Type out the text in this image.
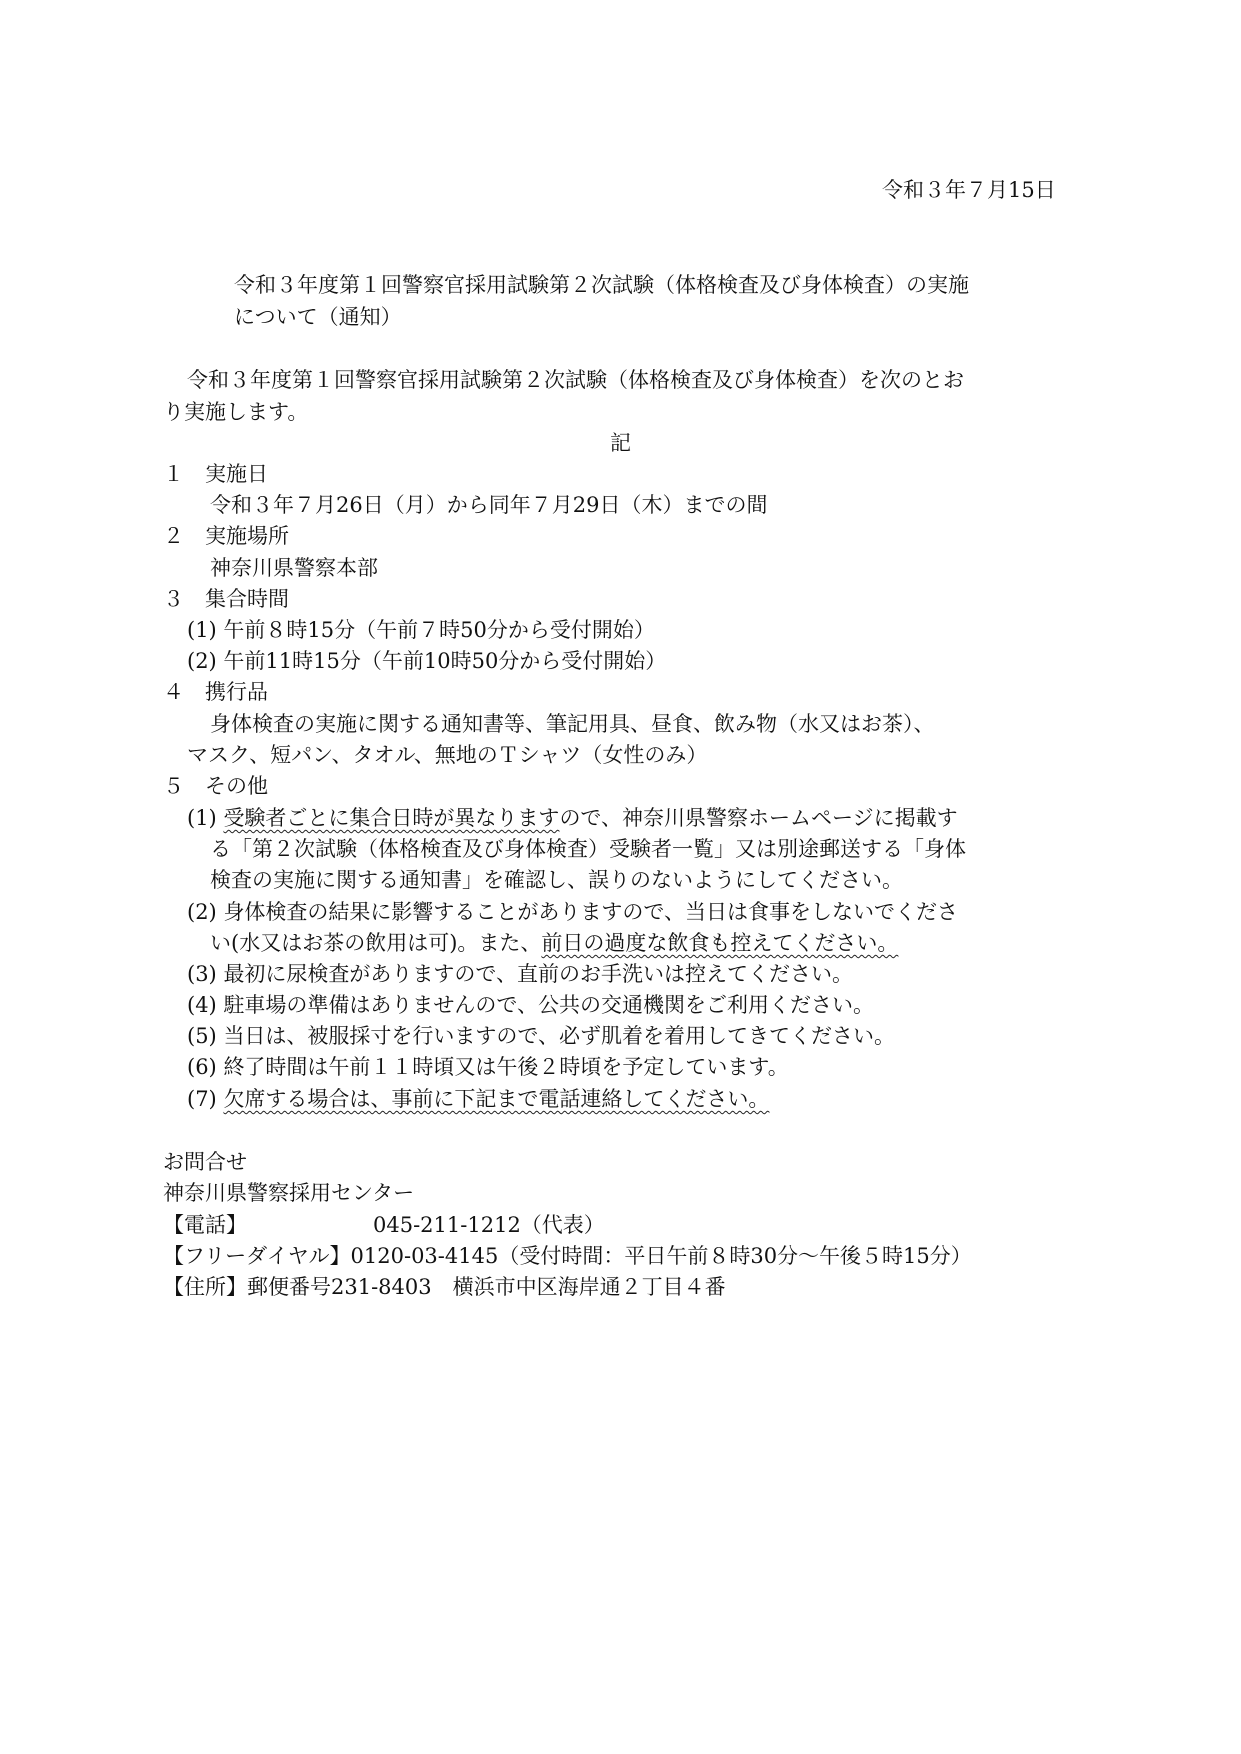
令和３年７月15日
令和３年度第１回警察官採用試験第２次試験（体格検査及び身体検査）の実施
について（通知）
令和３年度第１回警察官採用試験第２次試験（体格検査及び身体検査）を次のとお
り実施します。
記
１ 実施日
令和３年７月26日（月）から同年７月29日（木）までの間
２ 実施場所
神奈川県警察本部
３ 集合時間
(1) 午前８時15分（午前７時50分から受付開始）
(2) 午前11時15分（午前10時50分から受付開始）
４ 携行品
身体検査の実施に関する通知書等、筆記用具、昼食、飲み物（水又はお茶）、
マスク、短パン、タオル、無地のＴシャツ（女性のみ）
５ その他
(1) 受験者ごとに集合日時が異なりますので、神奈川県警察ホームページに掲載す
る「第２次試験（体格検査及び身体検査）受験者一覧」又は別途郵送する「身体
検査の実施に関する通知書」を確認し、誤りのないようにしてください。
(2) 身体検査の結果に影響することがありますので、当日は食事をしないでくださ
い(水又はお茶の飲用は可)。また、前日の過度な飲食も控えてください。
(3) 最初に尿検査がありますので、直前のお手洗いは控えてください。
(4) 駐車場の準備はありませんので、公共の交通機関をご利用ください。
(5) 当日は、被服採寸を行いますので、必ず肌着を着用してきてください。
(6) 終了時間は午前１１時頃又は午後２時頃を予定しています。
(7) 欠席する場合は、事前に下記まで電話連絡してください。
お問合せ
神奈川県警察採用センター
【電話】	045-211-1212（代表）
【フリーダイヤル】0120-03-4145（受付時間：平日午前８時30分～午後５時15分）
【住所】郵便番号231-8403　横浜市中区海岸通２丁目４番
